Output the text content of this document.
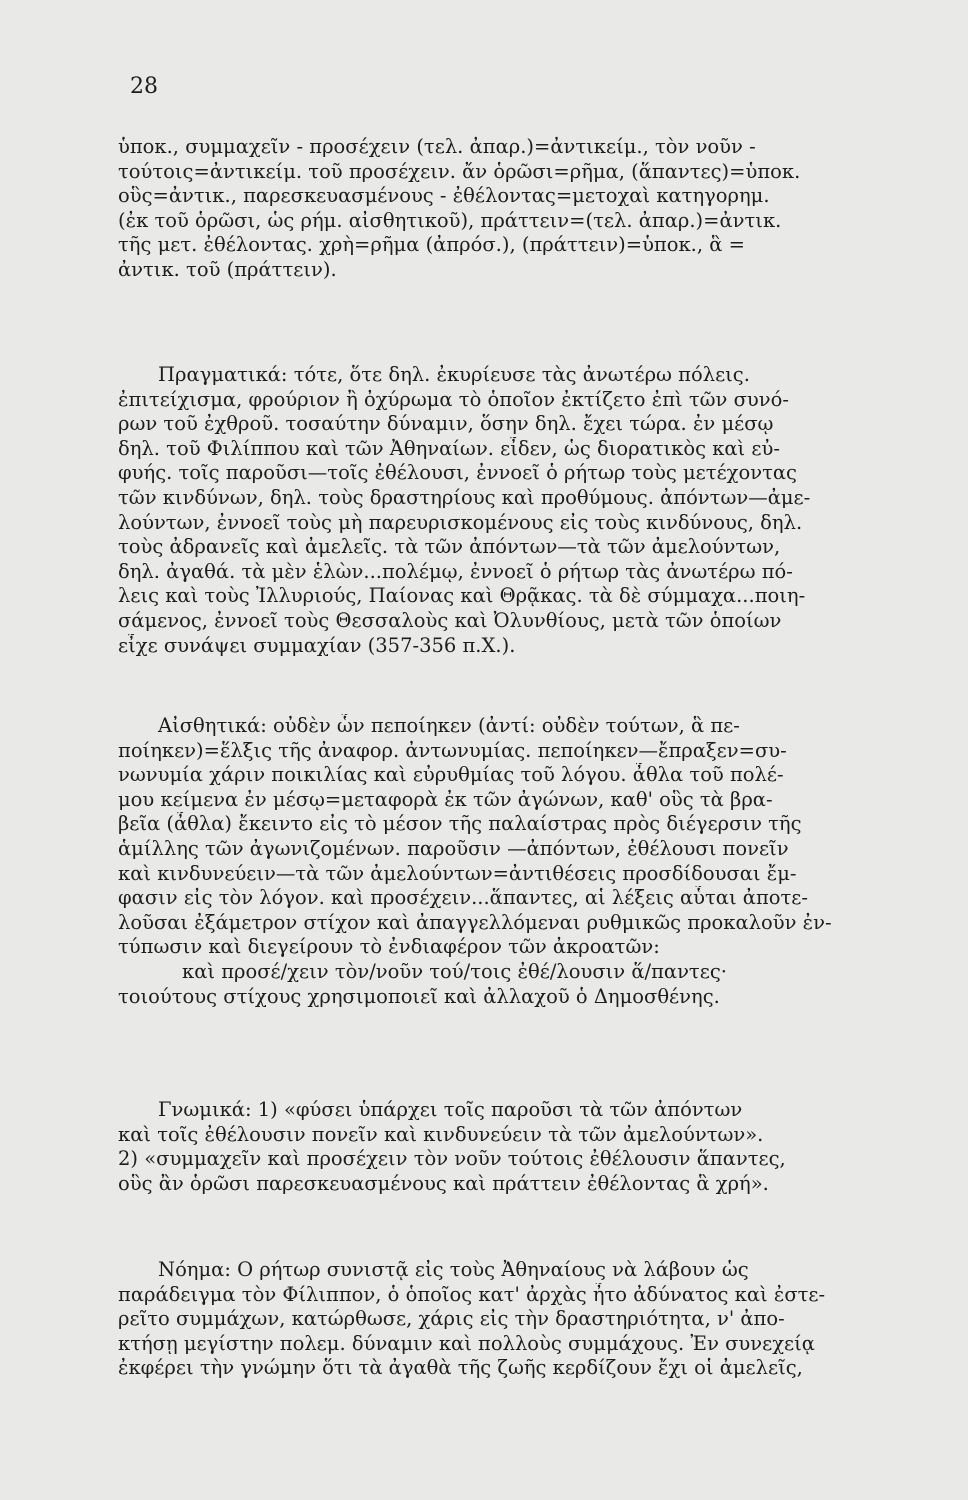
28
ὑποκ., συμμαχεῖν - προσέχειν (τελ. ἀπαρ.)=ἀντικείμ., τὸν νοῦν -
τούτοις=ἀντικείμ. τοῦ προσέχειν. ἄν ὁρῶσι=ρῆμα, (ἅπαντες)=ὑποκ.
οὓς=ἀντικ., παρεσκευασμένους - ἐθέλοντας=μετοχαὶ κατηγορημ.
(ἐκ τοῦ ὁρῶσι, ὡς ρήμ. αἰσθητικοῦ), πράττειν=(τελ. ἀπαρ.)=ἀντικ.
τῆς μετ. ἐθέλοντας. χρὴ=ρῆμα (ἀπρόσ.), (πράττειν)=ὑποκ., ἃ =
ἀντικ. τοῦ (πράττειν).
Πραγματικά: τότε, ὅτε δηλ. ἐκυρίευσε τὰς ἀνωτέρω πόλεις.
ἐπιτείχισμα, φρούριον ἢ ὀχύρωμα τὸ ὁποῖον ἐκτίζετο ἐπὶ τῶν συνό-
ρων τοῦ ἐχθροῦ. τοσαύτην δύναμιν, ὅσην δηλ. ἔχει τώρα. ἐν μέσῳ
δηλ. τοῦ Φιλίππου καὶ τῶν Ἀθηναίων. εἶδεν, ὡς διορατικὸς καὶ εὐ-
φυής. τοῖς παροῦσι—τοῖς ἐθέλουσι, ἐννοεῖ ὁ ρήτωρ τοὺς μετέχοντας
τῶν κινδύνων, δηλ. τοὺς δραστηρίους καὶ προθύμους. ἀπόντων—ἀμε-
λούντων, ἐννοεῖ τοὺς μὴ παρευρισκομένους εἰς τοὺς κινδύνους, δηλ.
τοὺς ἀδρανεῖς καὶ ἀμελεῖς. τὰ τῶν ἀπόντων—τὰ τῶν ἀμελούντων,
δηλ. ἀγαθά. τὰ μὲν ἑλὼν...πολέμῳ, ἐννοεῖ ὁ ρήτωρ τὰς ἀνωτέρω πό-
λεις καὶ τοὺς Ἰλλυριούς, Παίονας καὶ Θρᾷκας. τὰ δὲ σύμμαχα...ποιη-
σάμενος, ἐννοεῖ τοὺς Θεσσαλοὺς καὶ Ὀλυνθίους, μετὰ τῶν ὁποίων
εἶχε συνάψει συμμαχίαν (357-356 π.Χ.).
Αἰσθητικά: οὐδὲν ὧν πεποίηκεν (ἀντί: οὐδὲν τούτων, ἃ πε-
ποίηκεν)=ἕλξις τῆς ἀναφορ. ἀντωνυμίας. πεποίηκεν—ἔπραξεν=συ-
νωνυμία χάριν ποικιλίας καὶ εὐρυθμίας τοῦ λόγου. ἆθλα τοῦ πολέ-
μου κείμενα ἐν μέσῳ=μεταφορὰ ἐκ τῶν ἀγώνων, καθ' οὓς τὰ βρα-
βεῖα (ἆθλα) ἔκειντο εἰς τὸ μέσον τῆς παλαίστρας πρὸς διέγερσιν τῆς
ἁμίλλης τῶν ἀγωνιζομένων. παροῦσιν —ἀπόντων, ἐθέλουσι πονεῖν
καὶ κινδυνεύειν—τὰ τῶν ἀμελούντων=ἀντιθέσεις προσδίδουσαι ἔμ-
φασιν εἰς τὸν λόγον. καὶ προσέχειν...ἅπαντες, αἱ λέξεις αὗται ἀποτε-
λοῦσαι ἐξάμετρον στίχον καὶ ἀπαγγελλόμεναι ρυθμικῶς προκαλοῦν ἐν-
τύπωσιν καὶ διεγείρουν τὸ ἐνδιαφέρον τῶν ἀκροατῶν:
καὶ προσέ/χειν τὸν/νοῦν τού/τοις ἐθέ/λουσιν ἅ/παντες·
τοιούτους στίχους χρησιμοποιεῖ καὶ ἀλλαχοῦ ὁ Δημοσθένης.
Γνωμικά: 1) «φύσει ὑπάρχει τοῖς παροῦσι τὰ τῶν ἀπόντων
καὶ τοῖς ἐθέλουσιν πονεῖν καὶ κινδυνεύειν τὰ τῶν ἀμελούντων».
2) «συμμαχεῖν καὶ προσέχειν τὸν νοῦν τούτοις ἐθέλουσιν ἅπαντες,
οὓς ἂν ὁρῶσι παρεσκευασμένους καὶ πράττειν ἐθέλοντας ἃ χρή».
Νόημα: Ο ρήτωρ συνιστᾷ εἰς τοὺς Ἀθηναίους νὰ λάβουν ὡς
παράδειγμα τὸν Φίλιππον, ὁ ὁποῖος κατ' ἀρχὰς ἦτο ἀδύνατος καὶ ἐστε-
ρεῖτο συμμάχων, κατώρθωσε, χάρις εἰς τὴν δραστηριότητα, ν' ἀπο-
κτήσῃ μεγίστην πολεμ. δύναμιν καὶ πολλοὺς συμμάχους. Ἐν συνεχείᾳ
ἐκφέρει τὴν γνώμην ὅτι τὰ ἀγαθὰ τῆς ζωῆς κερδίζουν ἔχι οἱ ἀμελεῖς,
